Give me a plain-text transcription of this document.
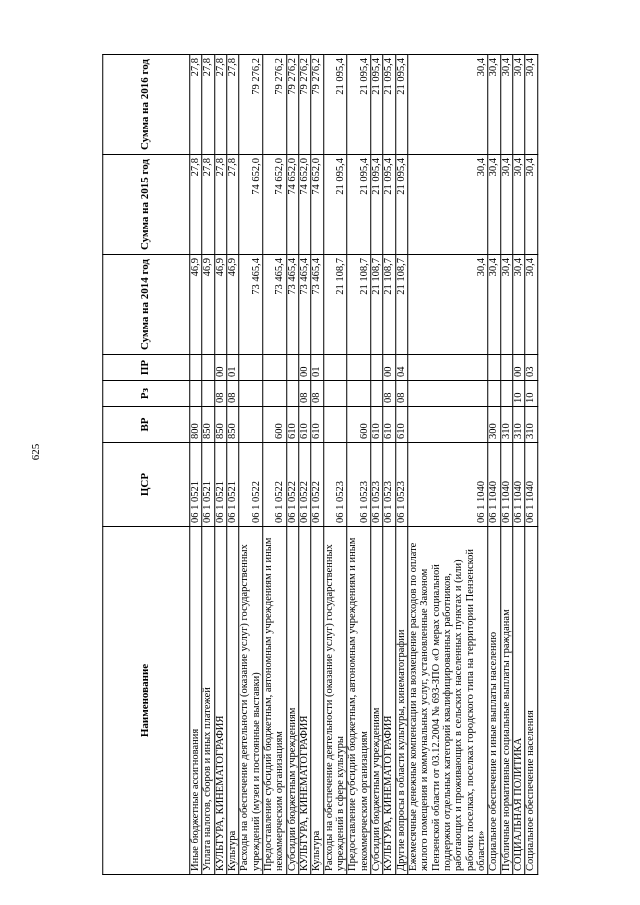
625
Наименование	ЦСР	ВР	Рз	ПР	Сумма на 2014 год	Сумма на 2015 год	Сумма на 2016 год
Иные бюджетные ассигнования	06 1 0521	800			46,9	27,8	27,8
Уплата налогов, сборов и иных платежей	06 1 0521	850			46,9	27,8	27,8
КУЛЬТУРА, КИНЕМАТОГРАФИЯ	06 1 0521	850	08	00	46,9	27,8	27,8
Культура	06 1 0521	850	08	01	46,9	27,8	27,8
Расходы на обеспечение деятельности (оказание услуг) государственных учреждений (музеи и постоянные выставки)	06 1 0522				73 465,4	74 652,0	79 276,2
Предоставление субсидий бюджетным, автономным учреждениям и иным некоммерческим организациям	06 1 0522	600			73 465,4	74 652,0	79 276,2
Субсидии бюджетным учреждениям	06 1 0522	610			73 465,4	74 652,0	79 276,2
КУЛЬТУРА, КИНЕМАТОГРАФИЯ	06 1 0522	610	08	00	73 465,4	74 652,0	79 276,2
Культура	06 1 0522	610	08	01	73 465,4	74 652,0	79 276,2
Расходы на обеспечение деятельности (оказание услуг) государственных учреждений в сфере культуры	06 1 0523				21 108,7	21 095,4	21 095,4
Предоставление субсидий бюджетным, автономным учреждениям и иным некоммерческим организациям	06 1 0523	600			21 108,7	21 095,4	21 095,4
Субсидии бюджетным учреждениям	06 1 0523	610			21 108,7	21 095,4	21 095,4
КУЛЬТУРА, КИНЕМАТОГРАФИЯ	06 1 0523	610	08	00	21 108,7	21 095,4	21 095,4
Другие вопросы в области культуры, кинематографии	06 1 0523	610	08	04	21 108,7	21 095,4	21 095,4
Ежемесячные денежные компенсации на возмещение расходов по оплате жилого помещения и коммунальных услуг, установленные Законом Пензенской области от 03.12.2004 № 693-ЗПО «О мерах социальной поддержки отдельных категорий квалифицированных работников, работающих и проживающих в сельских населенных пунктах и (или) рабочих поселках, поселках городского типа на территории Пензенской области»	06 1 1040				30,4	30,4	30,4
Социальное обеспечение и иные выплаты населению	06 1 1040	300			30,4	30,4	30,4
Публичные нормативные социальные выплаты гражданам	06 1 1040	310			30,4	30,4	30,4
СОЦИАЛЬНАЯ ПОЛИТИКА	06 1 1040	310	10	00	30,4	30,4	30,4
Социальное обеспечение населения	06 1 1040	310	10	03	30,4	30,4	30,4
